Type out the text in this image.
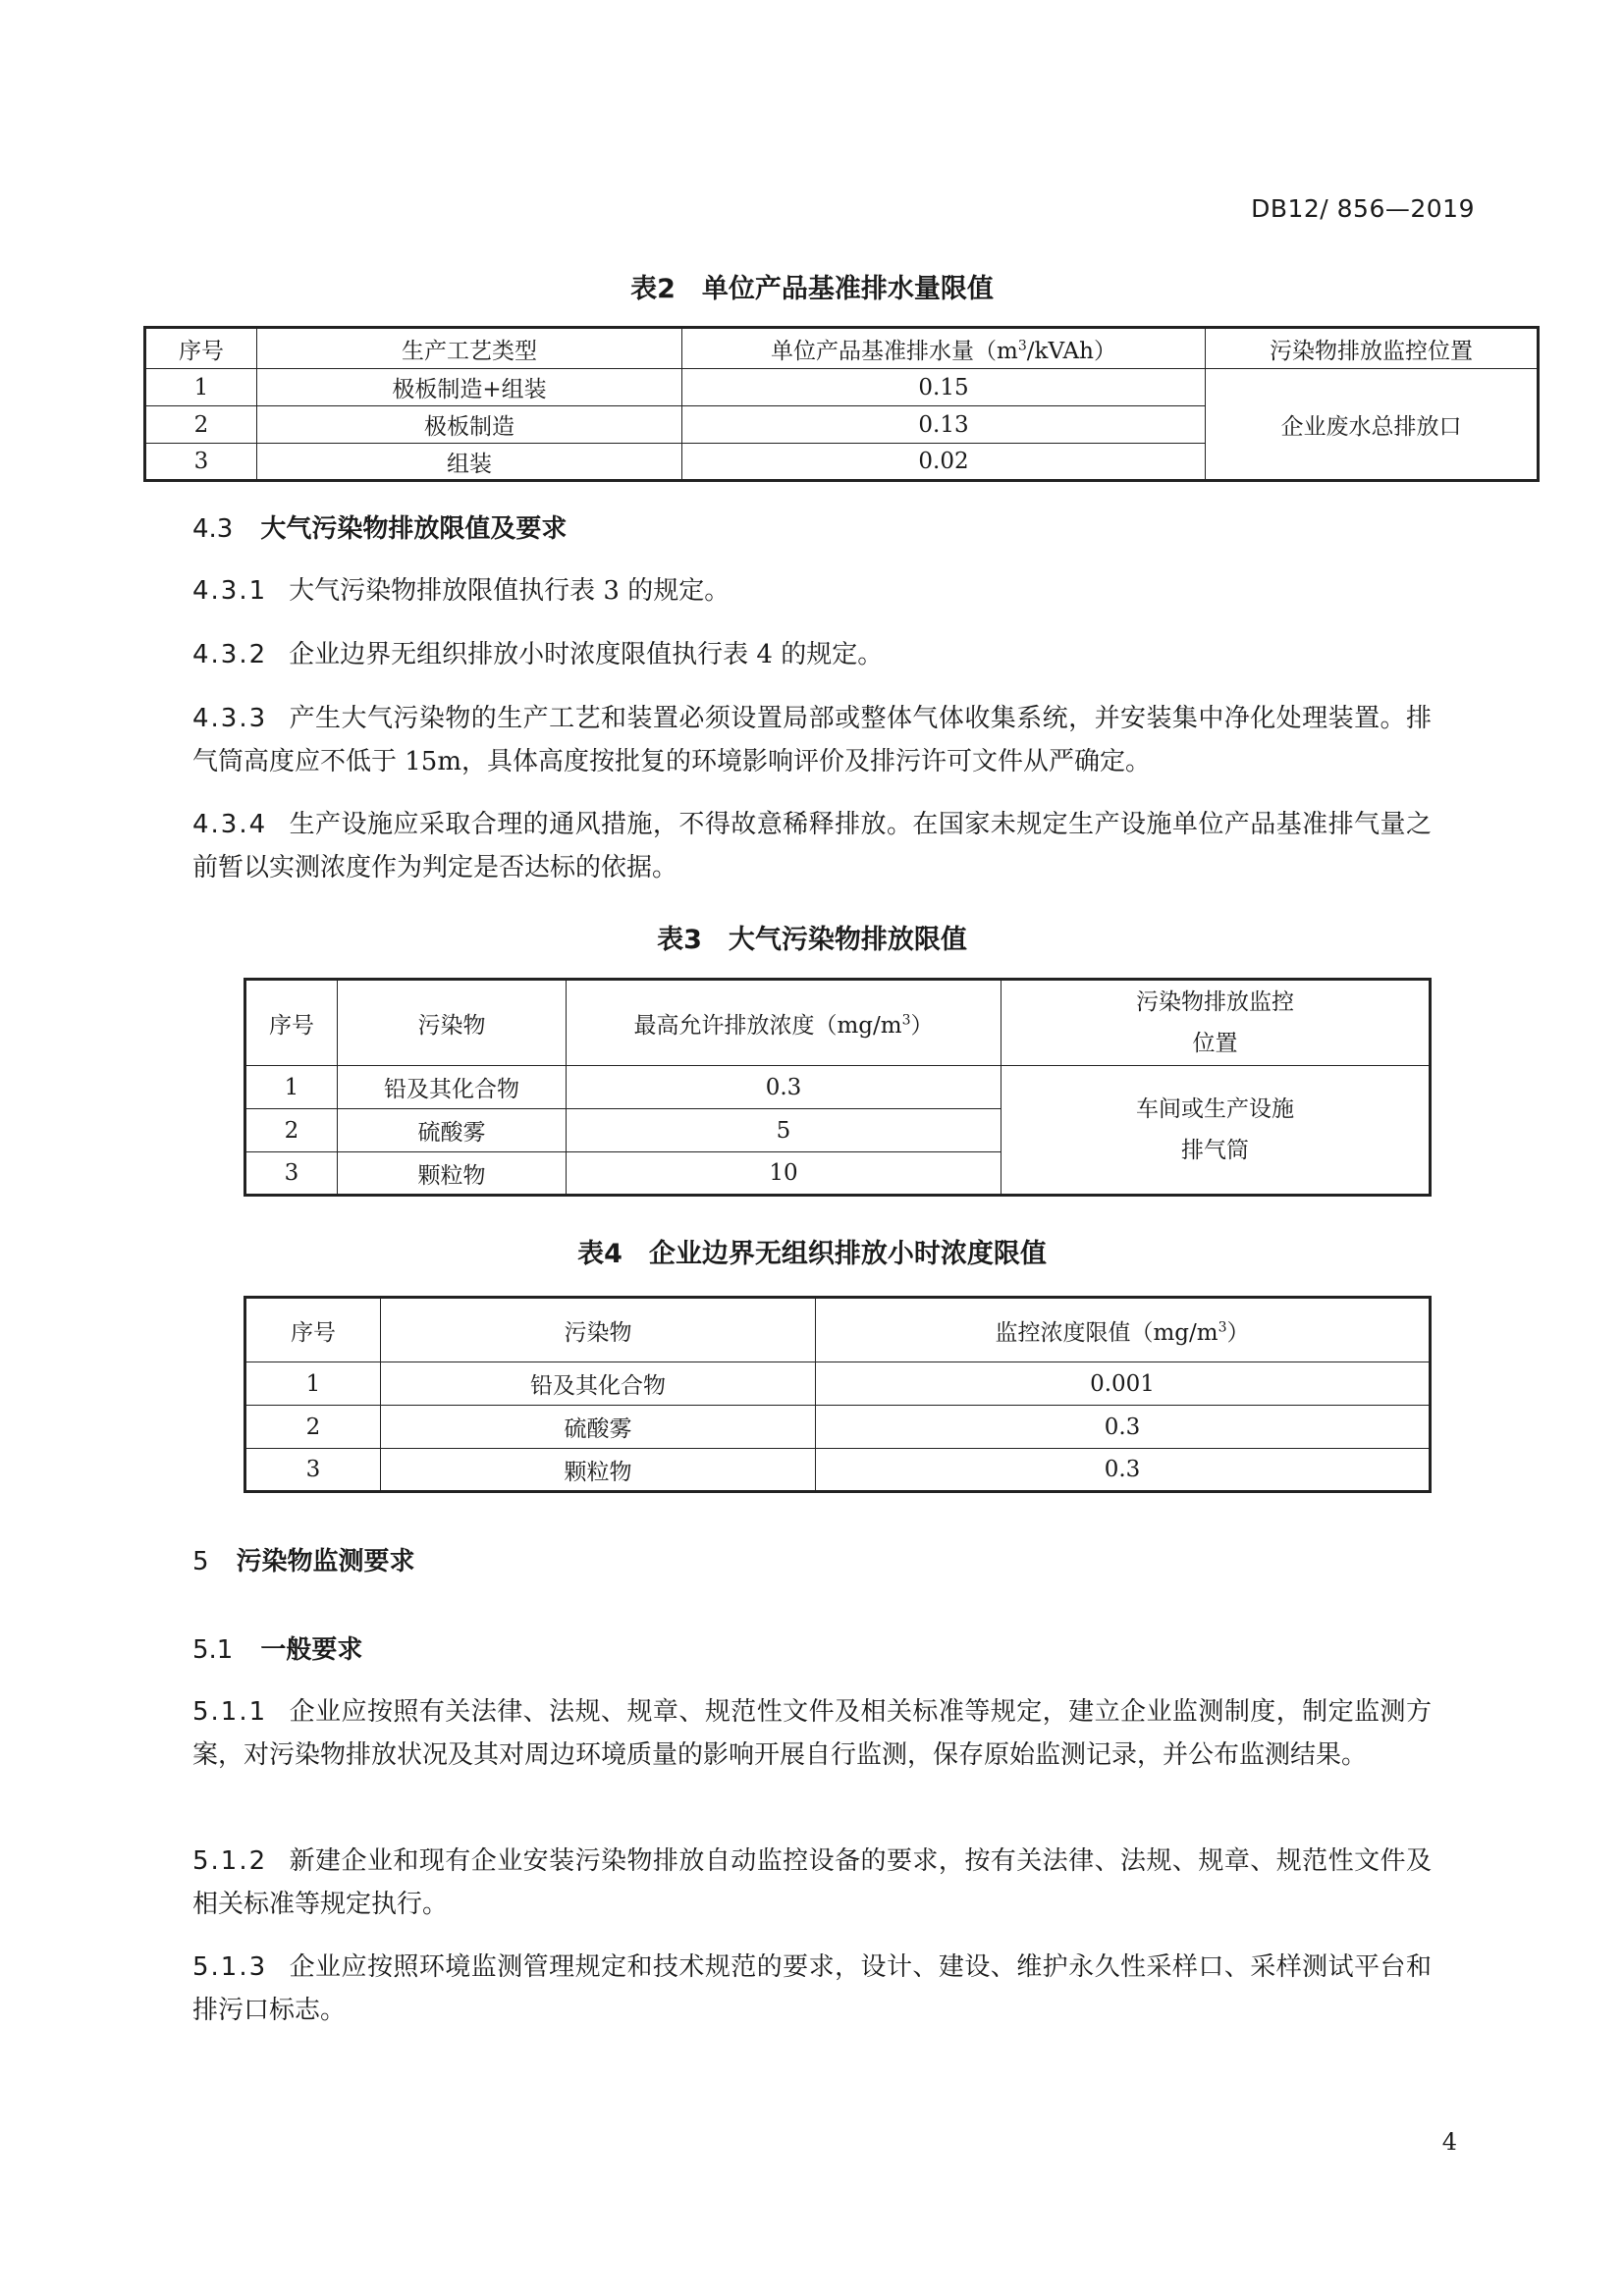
DB12/ 856—2019
表2　单位产品基准排水量限值
序号	生产工艺类型	单位产品基准排水量$(m^3/kVAh)$	污染物排放监控位置
1	极板制造+组装	0.15	企业废水总排放口
2	极板制造	0.13	
3	组装	0.02	
4.3 大气污染物排放限值及要求
4.3.1 大气污染物排放限值执行表 3 的规定。
4.3.2 企业边界无组织排放小时浓度限值执行表 4 的规定。
4.3.3 产生大气污染物的生产工艺和装置必须设置局部或整体气体收集系统，并安装集中净化处理装置。排气筒高度应不低于 15m，具体高度按批复的环境影响评价及排污许可文件从严确定。
4.3.4 生产设施应采取合理的通风措施，不得故意稀释排放。在国家未规定生产设施单位产品基准排气量之前暂以实测浓度作为判定是否达标的依据。
表3　大气污染物排放限值
序号	污染物	最高允许排放浓度$(mg/m^3)$	污染物排放监控
位置
1	铅及其化合物	0.3	车间或生产设施
排气筒
2	硫酸雾	5	
3	颗粒物	10	
表4　企业边界无组织排放小时浓度限值
序号	污染物	监控浓度限值$(mg/m^3)$
1	铅及其化合物	0.001
2	硫酸雾	0.3
3	颗粒物	0.3
5 污染物监测要求
5.1 一般要求
5.1.1 企业应按照有关法律、法规、规章、规范性文件及相关标准等规定，建立企业监测制度，制定监测方案，对污染物排放状况及其对周边环境质量的影响开展自行监测，保存原始监测记录，并公布监测结果。
5.1.2 新建企业和现有企业安装污染物排放自动监控设备的要求，按有关法律、法规、规章、规范性文件及相关标准等规定执行。
5.1.3 企业应按照环境监测管理规定和技术规范的要求，设计、建设、维护永久性采样口、采样测试平台和排污口标志。
4
